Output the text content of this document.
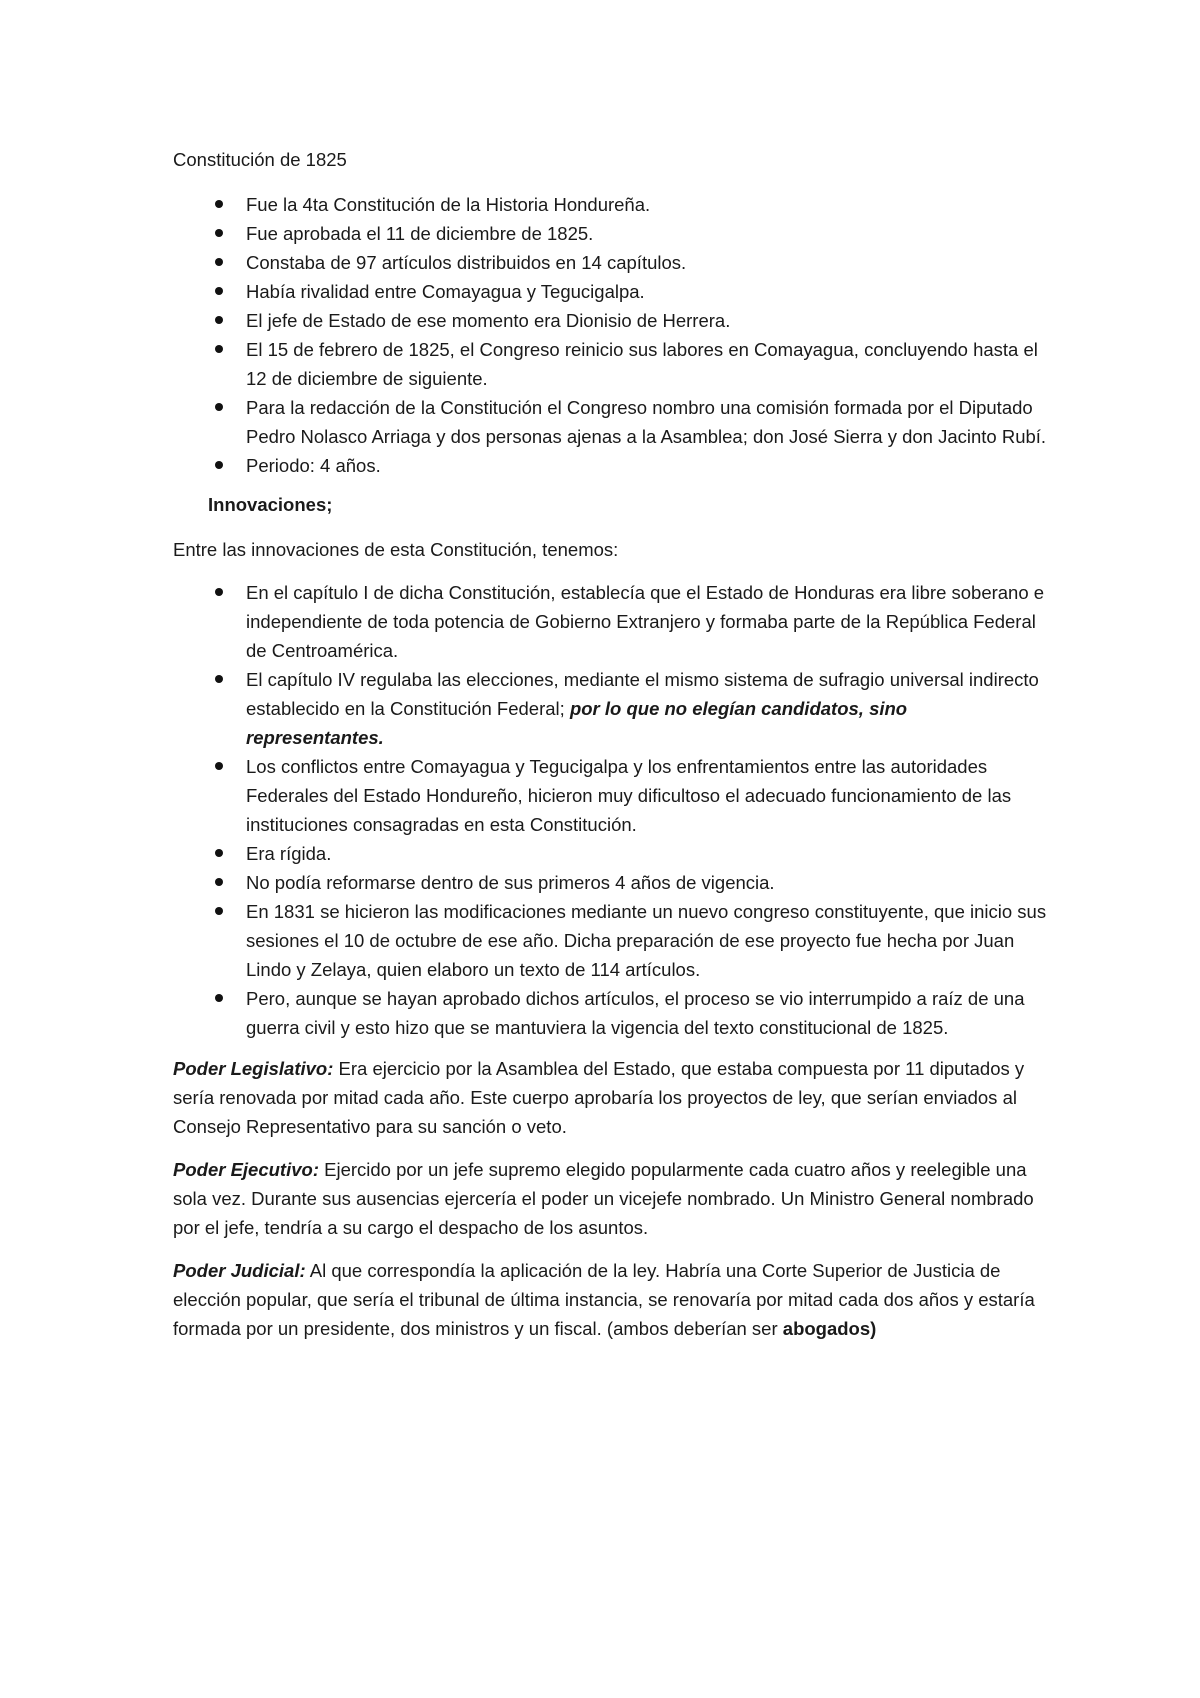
Constitución de 1825

Fue la 4ta Constitución de la Historia Hondureña.
Fue aprobada el 11 de diciembre de 1825.
Constaba de 97 artículos distribuidos en 14 capítulos.
Había rivalidad entre Comayagua y Tegucigalpa.
El jefe de Estado de ese momento era Dionisio de Herrera.
El 15 de febrero de 1825, el Congreso reinicio sus labores en Comayagua, concluyendo hasta el 12 de diciembre de siguiente.
Para la redacción de la Constitución el Congreso nombro una comisión formada por el Diputado Pedro Nolasco Arriaga y dos personas ajenas a la Asamblea; don José Sierra y don Jacinto Rubí.
Periodo: 4 años.

Innovaciones;

Entre las innovaciones de esta Constitución, tenemos:

En el capítulo I de dicha Constitución, establecía que el Estado de Honduras era libre soberano e independiente de toda potencia de Gobierno Extranjero y formaba parte de la República Federal de Centroamérica.
El capítulo IV regulaba las elecciones, mediante el mismo sistema de sufragio universal indirecto establecido en la Constitución Federal; por lo que no elegían candidatos, sino representantes.
Los conflictos entre Comayagua y Tegucigalpa y los enfrentamientos entre las autoridades Federales del Estado Hondureño, hicieron muy dificultoso el adecuado funcionamiento de las instituciones consagradas en esta Constitución.
Era rígida.
No podía reformarse dentro de sus primeros 4 años de vigencia.
En 1831 se hicieron las modificaciones mediante un nuevo congreso constituyente, que inicio sus sesiones el 10 de octubre de ese año. Dicha preparación de ese proyecto fue hecha por Juan Lindo y Zelaya, quien elaboro un texto de 114 artículos.
Pero, aunque se hayan aprobado dichos artículos, el proceso se vio interrumpido a raíz de una guerra civil y esto hizo que se mantuviera la vigencia del texto constitucional de 1825.

Poder Legislativo: Era ejercicio por la Asamblea del Estado, que estaba compuesta por 11 diputados y sería renovada por mitad cada año. Este cuerpo aprobaría los proyectos de ley, que serían enviados al Consejo Representativo para su sanción o veto.

Poder Ejecutivo: Ejercido por un jefe supremo elegido popularmente cada cuatro años y reelegible una sola vez. Durante sus ausencias ejercería el poder un vicejefe nombrado. Un Ministro General nombrado por el jefe, tendría a su cargo el despacho de los asuntos.

Poder Judicial: Al que correspondía la aplicación de la ley. Habría una Corte Superior de Justicia de elección popular, que sería el tribunal de última instancia, se renovaría por mitad cada dos años y estaría formada por un presidente, dos ministros y un fiscal. (ambos deberían ser abogados)
